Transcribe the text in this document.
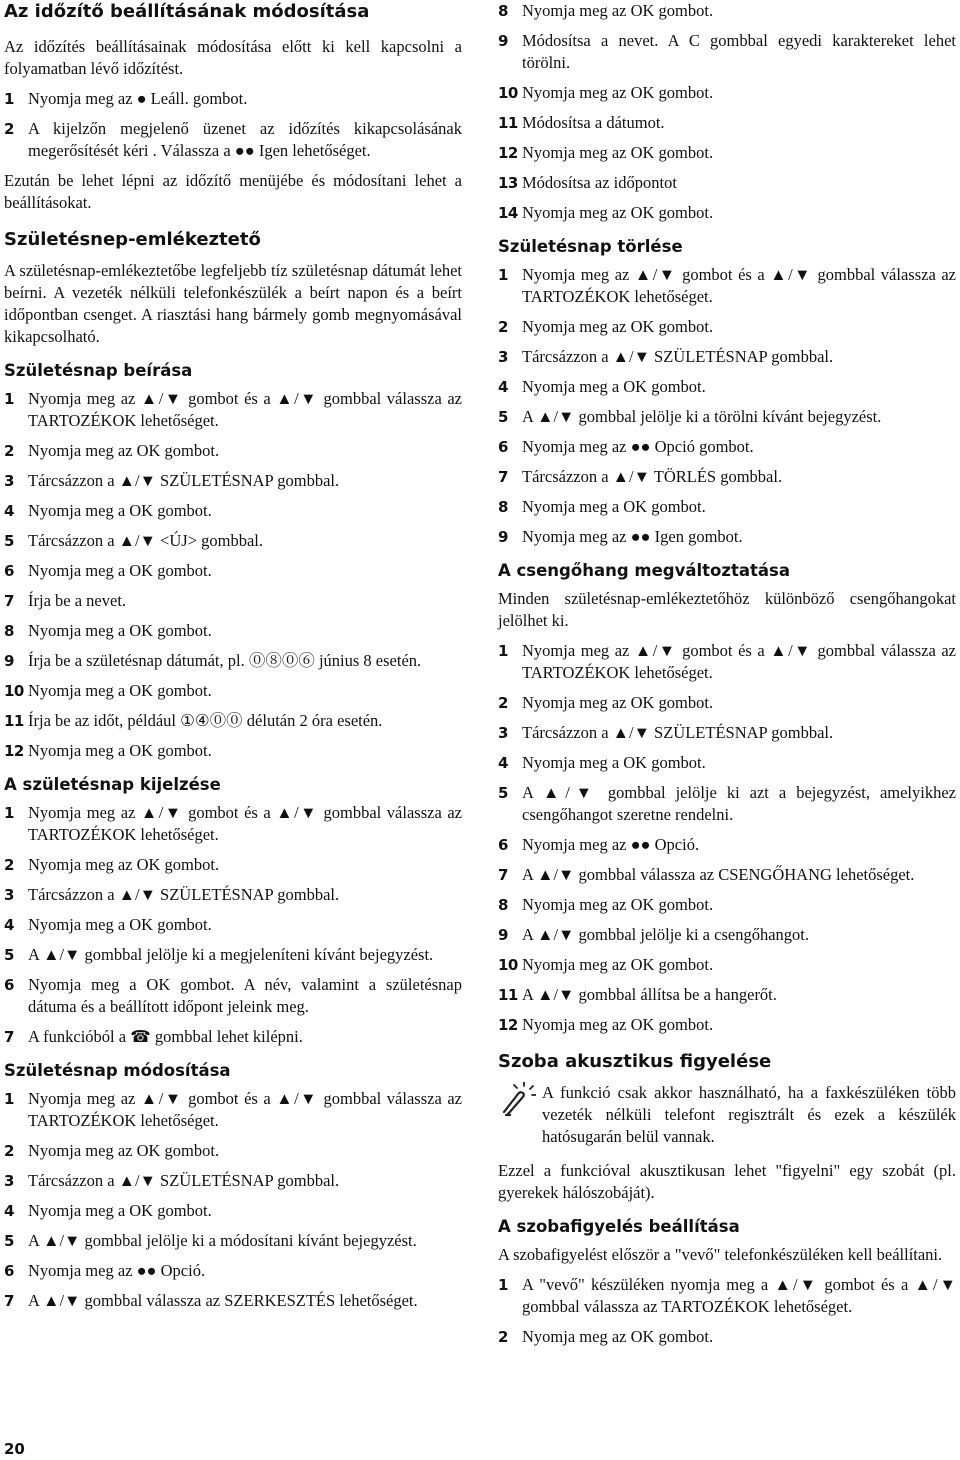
Az időzítő beállításának módosítása

Az időzítés beállításainak módosítása előtt ki kell kapcsolni a folyamatban lévő időzítést.

1 Nyomja meg az ● Leáll. gombot.
2 A kijelzőn megjelenő üzenet az időzítés kikapcsolásának megerősítését kéri . Válassza a ●● Igen lehetőséget.

Ezután be lehet lépni az időzítő menüjébe és módosítani lehet a beállításokat.

Születésnep-emlékeztető

A születésnap-emlékeztetőbe legfeljebb tíz születésnap dátumát lehet beírni. A vezeték nélküli telefonkészülék a beírt napon és a beírt időpontban csenget. A riasztási hang bármely gomb megnyomásával kikapcsolható.

Születésnap beírása
1 Nyomja meg az ▲/▼ gombot és a ▲/▼ gombbal válassza az TARTOZÉKOK lehetőséget.
2 Nyomja meg az OK gombot.
3 Tárcsázzon a ▲/▼ SZÜLETÉSNAP gombbal.
4 Nyomja meg a OK gombot.
5 Tárcsázzon a ▲/▼ <ÚJ> gombbal.
6 Nyomja meg a OK gombot.
7 Írja be a nevet.
8 Nyomja meg a OK gombot.
9 Írja be a születésnap dátumát, pl. ⓪⑧⓪⑥ június 8 esetén.
10 Nyomja meg a OK gombot.
11 Írja be az időt, például ①④⓪⓪ délután 2 óra esetén.
12 Nyomja meg a OK gombot.
A születésnap kijelzése
1 Nyomja meg az ▲/▼ gombot és a ▲/▼ gombbal válassza az TARTOZÉKOK lehetőséget.
2 Nyomja meg az OK gombot.
3 Tárcsázzon a ▲/▼ SZÜLETÉSNAP gombbal.
4 Nyomja meg a OK gombot.
5 A ▲/▼ gombbal jelölje ki a megjeleníteni kívánt bejegyzést.
6 Nyomja meg a OK gombot. A név, valamint a születésnap dátuma és a beállított időpont jeleink meg.
7 A funkcióból a ☎ gombbal lehet kilépni.
Születésnap módosítása
1 Nyomja meg az ▲/▼ gombot és a ▲/▼ gombbal válassza az TARTOZÉKOK lehetőséget.
2 Nyomja meg az OK gombot.
3 Tárcsázzon a ▲/▼ SZÜLETÉSNAP gombbal.
4 Nyomja meg a OK gombot.
5 A ▲/▼ gombbal jelölje ki a módosítani kívánt bejegyzést.
6 Nyomja meg az ●● Opció.
7 A ▲/▼ gombbal válassza az SZERKESZTÉS lehetőséget.
8 Nyomja meg az OK gombot.
9 Módosítsa a nevet. A C gombbal egyedi karaktereket lehet törölni.
10 Nyomja meg az OK gombot.
11 Módosítsa a dátumot.
12 Nyomja meg az OK gombot.
13 Módosítsa az időpontot
14 Nyomja meg az OK gombot.
Születésnap törlése
1 Nyomja meg az ▲/▼ gombot és a ▲/▼ gombbal válassza az TARTOZÉKOK lehetőséget.
2 Nyomja meg az OK gombot.
3 Tárcsázzon a ▲/▼ SZÜLETÉSNAP gombbal.
4 Nyomja meg a OK gombot.
5 A ▲/▼ gombbal jelölje ki a törölni kívánt bejegyzést.
6 Nyomja meg az ●● Opció gombot.
7 Tárcsázzon a ▲/▼ TÖRLÉS gombbal.
8 Nyomja meg a OK gombot.
9 Nyomja meg az ●● Igen gombot.
A csengőhang megváltoztatása

Minden születésnap-emlékeztetőhöz különböző csengőhangokat jelölhet ki.

1 Nyomja meg az ▲/▼ gombot és a ▲/▼ gombbal válassza az TARTOZÉKOK lehetőséget.
2 Nyomja meg az OK gombot.
3 Tárcsázzon a ▲/▼ SZÜLETÉSNAP gombbal.
4 Nyomja meg a OK gombot.
5 A ▲/▼ gombbal jelölje ki azt a bejegyzést, amelyikhez csengőhangot szeretne rendelni.
6 Nyomja meg az ●● Opció.
7 A ▲/▼ gombbal válassza az CSENGŐHANG lehetőséget.
8 Nyomja meg az OK gombot.
9 A ▲/▼ gombbal jelölje ki a csengőhangot.
10 Nyomja meg az OK gombot.
11 A ▲/▼ gombbal állítsa be a hangerőt.
12 Nyomja meg az OK gombot.
Szoba akusztikus figyelése

A funkció csak akkor használható, ha a faxkészüléken több vezeték nélküli telefont regisztrált és ezek a készülék hatósugarán belül vannak.

Ezzel a funkcióval akusztikusan lehet "figyelni" egy szobát (pl. gyerekek hálószobáját).

A szobafigyelés beállítása

A szobafigyelést először a "vevő" telefonkészüléken kell beállítani.

1 A "vevő" készüléken nyomja meg a ▲/▼ gombot és a ▲/▼ gombbal válassza az TARTOZÉKOK lehetőséget.
2 Nyomja meg az OK gombot.
20
